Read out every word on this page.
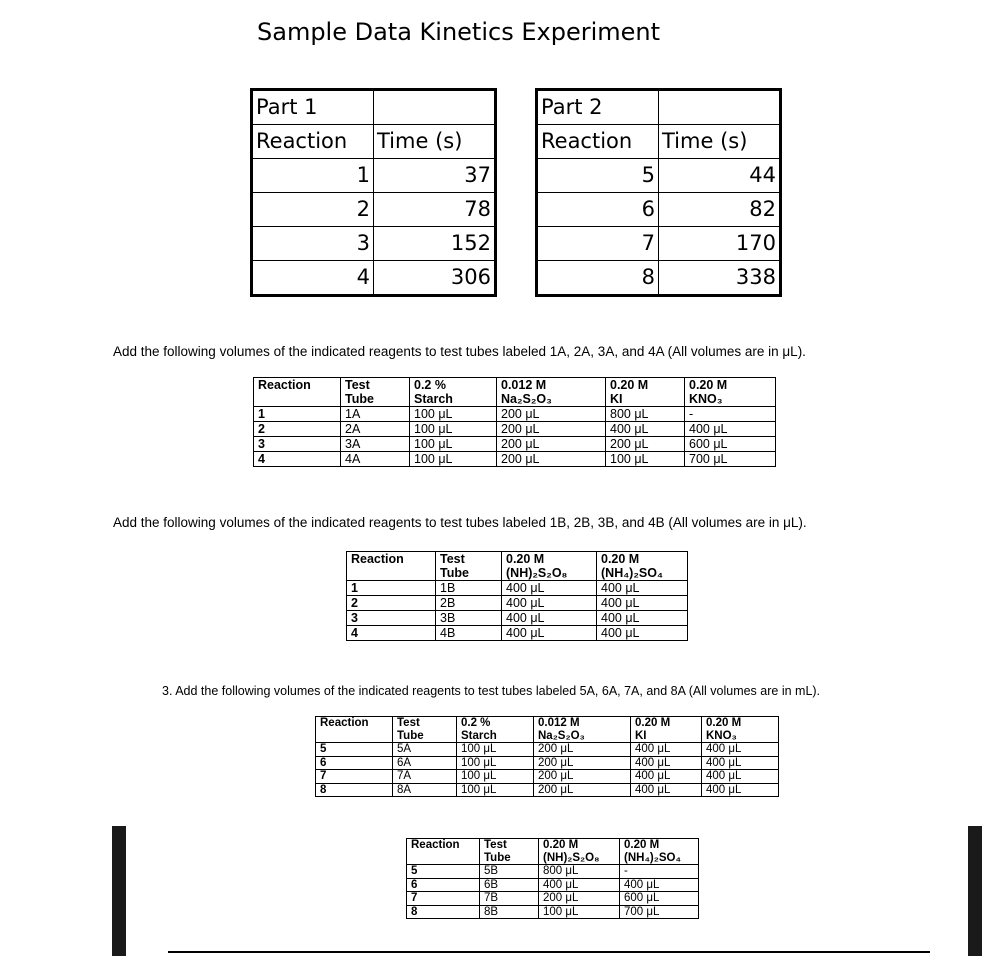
Sample Data Kinetics Experiment
Part 1	
Reaction	Time (s)
1	37
2	78
3	152
4	306
Part 2	
Reaction	Time (s)
5	44
6	82
7	170
8	338
Add the following volumes of the indicated reagents to test tubes labeled 1A, 2A, 3A, and 4A (All volumes are in μL).
Reaction	Test	0.2 %	0.012 M	0.20 M	0.20 M
	Tube	Starch	Na₂S₂O₃	KI	KNO₃
1	1A	100 μL	200 μL	800 μL	-
2	2A	100 μL	200 μL	400 μL	400 μL
3	3A	100 μL	200 μL	200 μL	600 μL
4	4A	100 μL	200 μL	100 μL	700 μL
Add the following volumes of the indicated reagents to test tubes labeled 1B, 2B, 3B, and 4B (All volumes are in μL).
Reaction	Test	0.20 M	0.20 M
	Tube	(NH)₂S₂O₈	(NH₄)₂SO₄
1	1B	400 μL	400 μL
2	2B	400 μL	400 μL
3	3B	400 μL	400 μL
4	4B	400 μL	400 μL
3. Add the following volumes of the indicated reagents to test tubes labeled 5A, 6A, 7A, and 8A (All volumes are in mL).
Reaction	Test	0.2 %	0.012 M	0.20 M	0.20 M
	Tube	Starch	Na₂S₂O₃	KI	KNO₃
5	5A	100 μL	200 μL	400 μL	400 μL
6	6A	100 μL	200 μL	400 μL	400 μL
7	7A	100 μL	200 μL	400 μL	400 μL
8	8A	100 μL	200 μL	400 μL	400 μL
Reaction	Test	0.20 M	0.20 M
	Tube	(NH)₂S₂O₈	(NH₄)₂SO₄
5	5B	800 μL	-
6	6B	400 μL	400 μL
7	7B	200 μL	600 μL
8	8B	100 μL	700 μL
